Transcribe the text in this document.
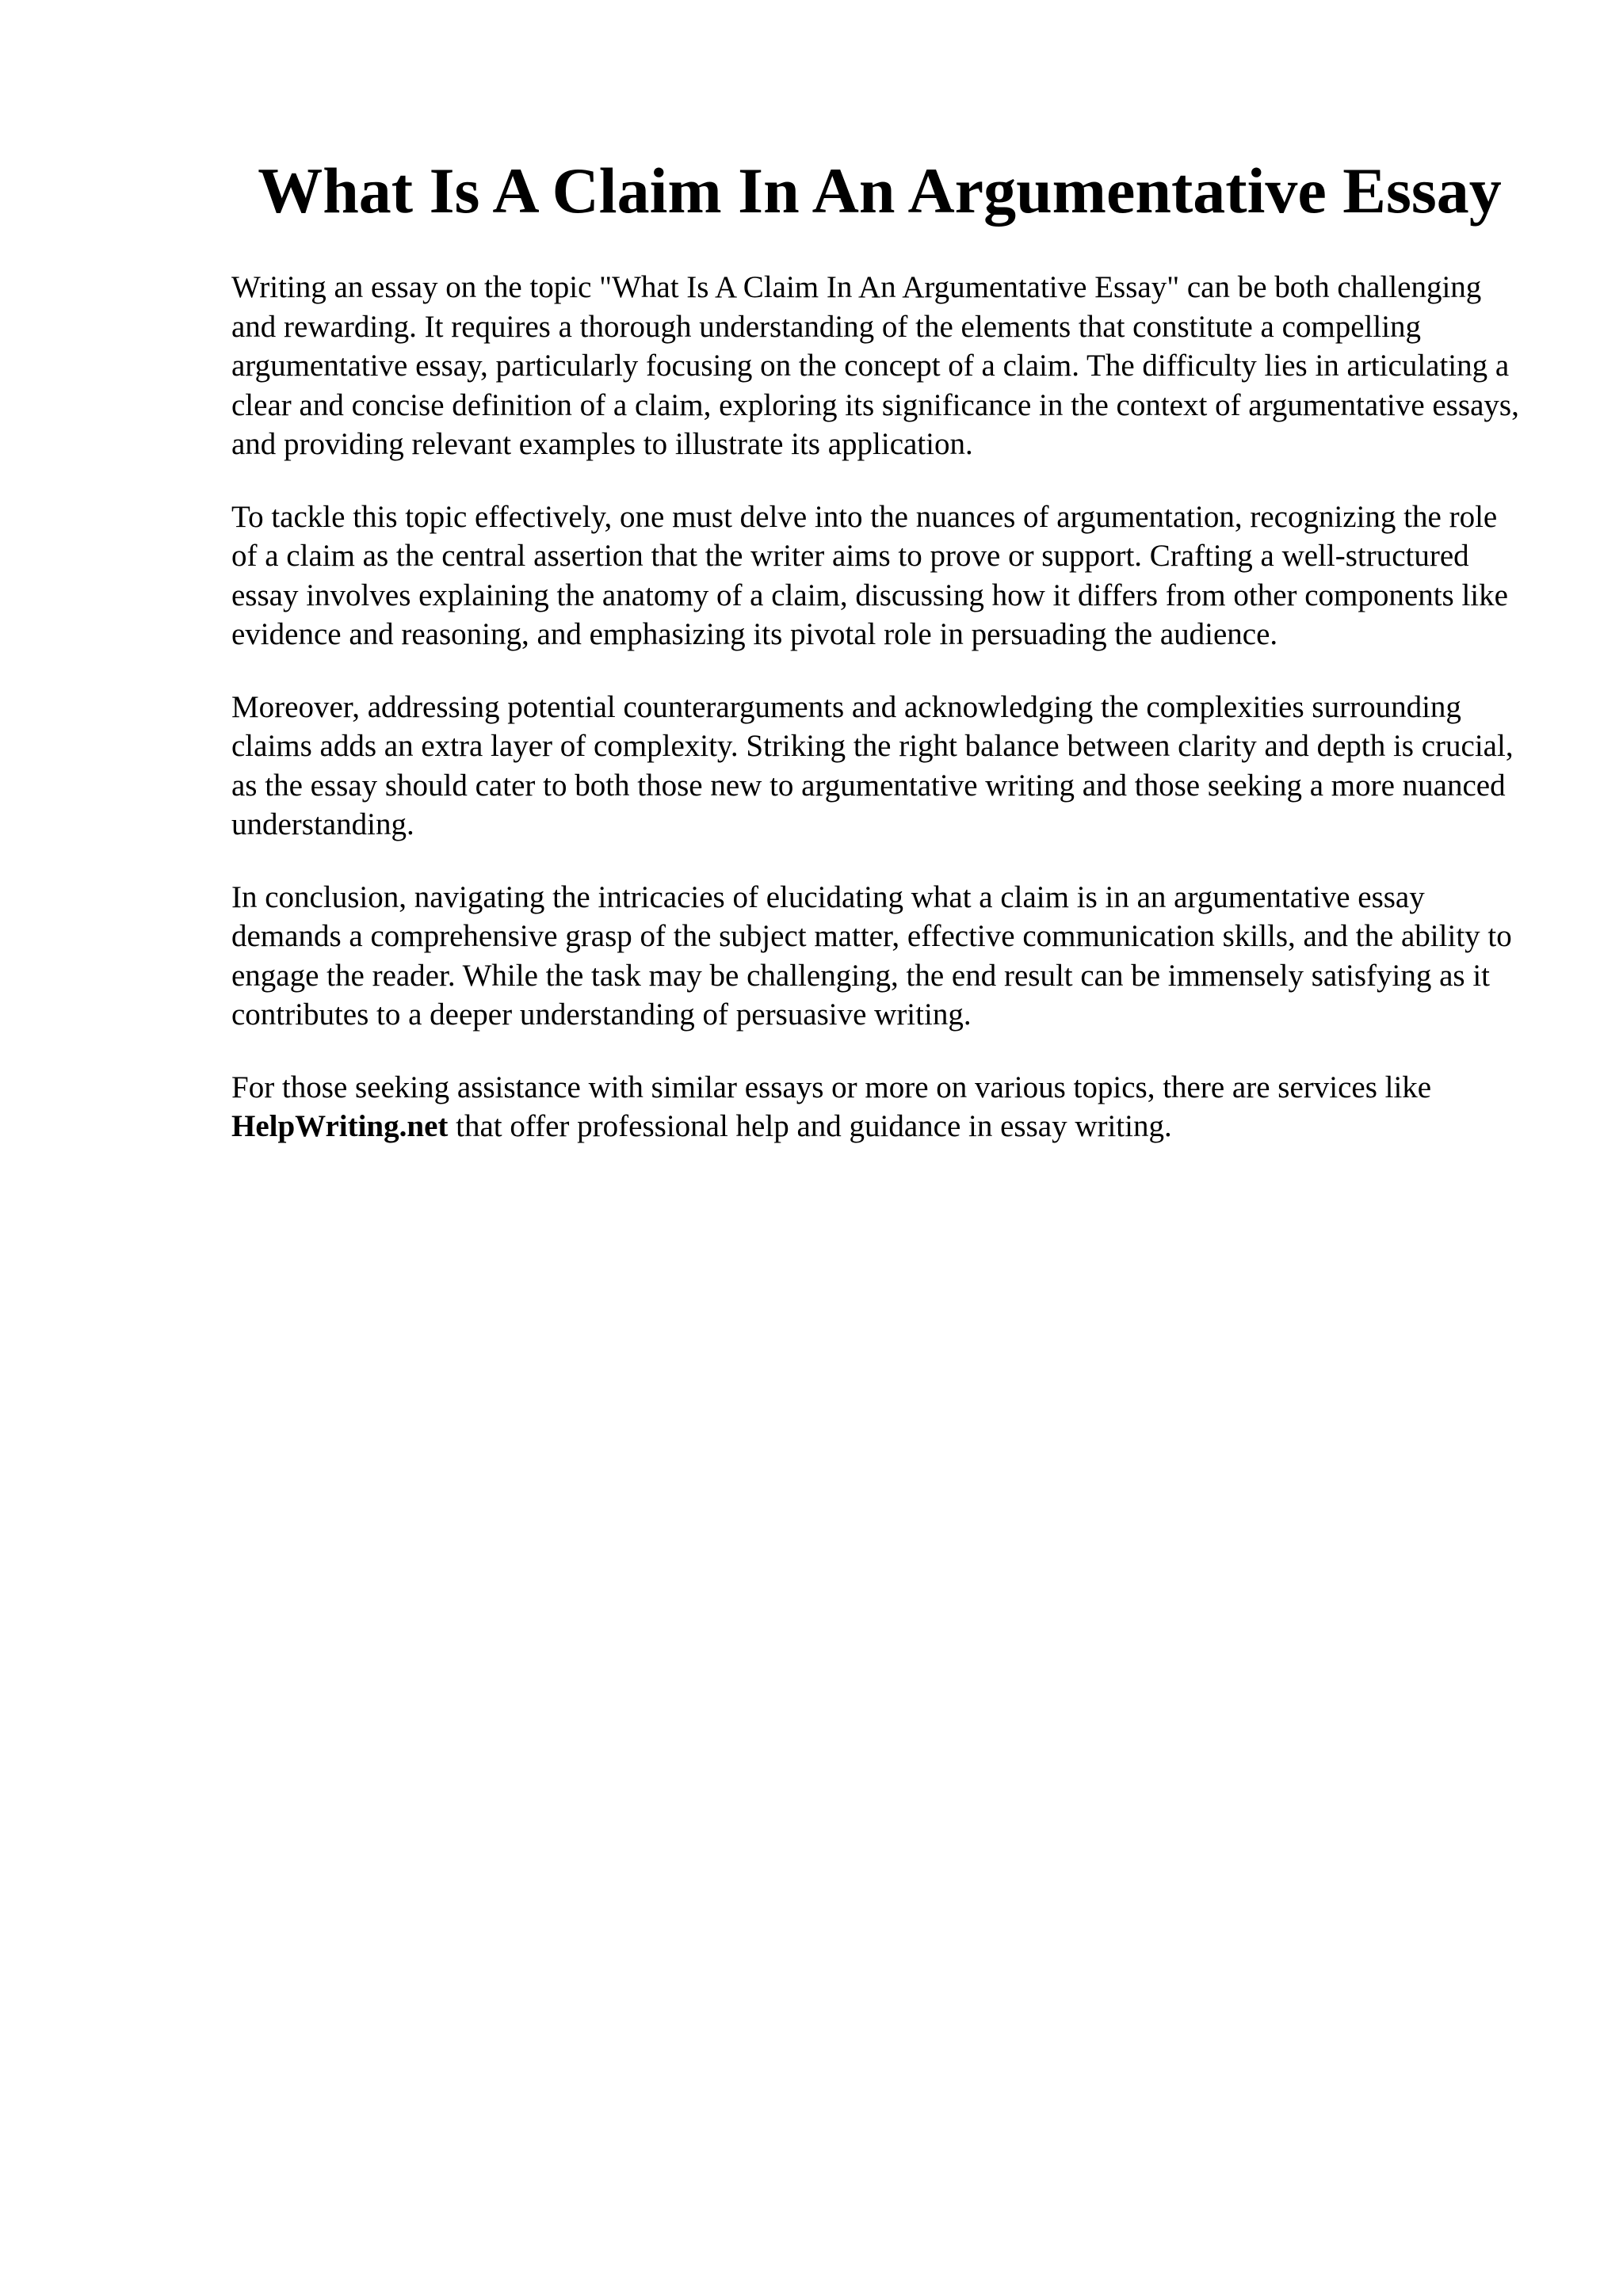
What Is A Claim In An Argumentative Essay

Writing an essay on the topic "What Is A Claim In An Argumentative Essay" can be both challenging and rewarding. It requires a thorough understanding of the elements that constitute a compelling argumentative essay, particularly focusing on the concept of a claim. The difficulty lies in articulating a clear and concise definition of a claim, exploring its significance in the context of argumentative essays, and providing relevant examples to illustrate its application.

To tackle this topic effectively, one must delve into the nuances of argumentation, recognizing the role of a claim as the central assertion that the writer aims to prove or support. Crafting a well-structured essay involves explaining the anatomy of a claim, discussing how it differs from other components like evidence and reasoning, and emphasizing its pivotal role in persuading the audience.

Moreover, addressing potential counterarguments and acknowledging the complexities surrounding claims adds an extra layer of complexity. Striking the right balance between clarity and depth is crucial, as the essay should cater to both those new to argumentative writing and those seeking a more nuanced understanding.

In conclusion, navigating the intricacies of elucidating what a claim is in an argumentative essay demands a comprehensive grasp of the subject matter, effective communication skills, and the ability to engage the reader. While the task may be challenging, the end result can be immensely satisfying as it contributes to a deeper understanding of persuasive writing.

For those seeking assistance with similar essays or more on various topics, there are services like HelpWriting.net that offer professional help and guidance in essay writing.
